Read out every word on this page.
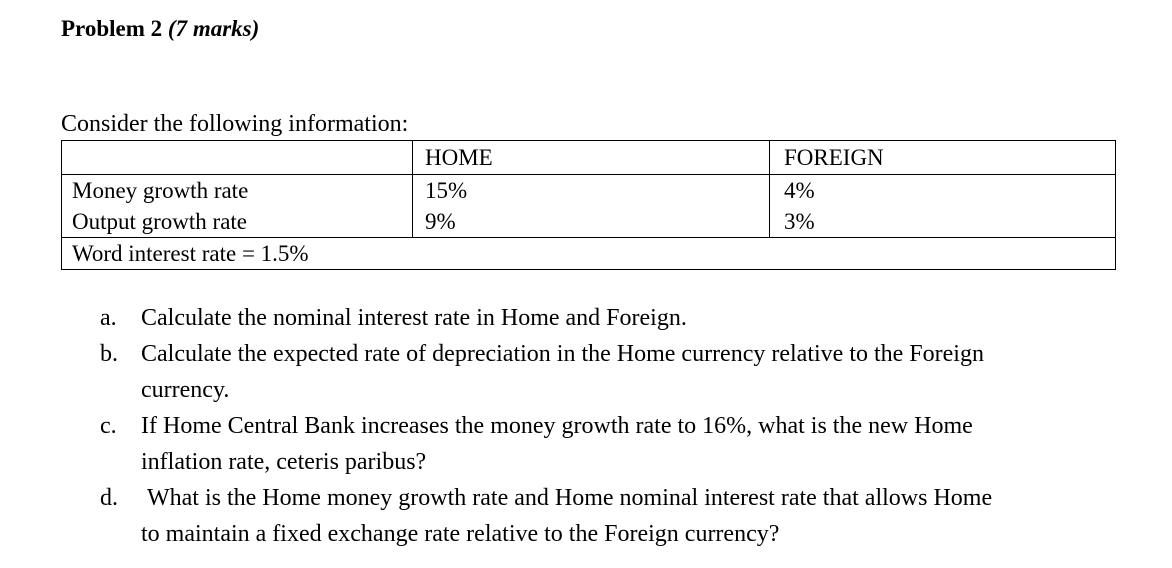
Problem 2 (7 marks)
Consider the following information:
	HOME	FOREIGN
Money growth rate	15%	4%
Output growth rate	9%	3%
Word interest rate = 1.5%		
a.	Calculate the nominal interest rate in Home and Foreign.
b. Calculate the expected rate of depreciation in the Home currency relative to the Foreign
currency.
c.	If Home Central Bank increases the money growth rate to 16%, what is the new Home
inflation rate, ceteris paribus?
d.	What is the Home money growth rate and Home nominal interest rate that allows Home
to maintain a fixed exchange rate relative to the Foreign currency?
